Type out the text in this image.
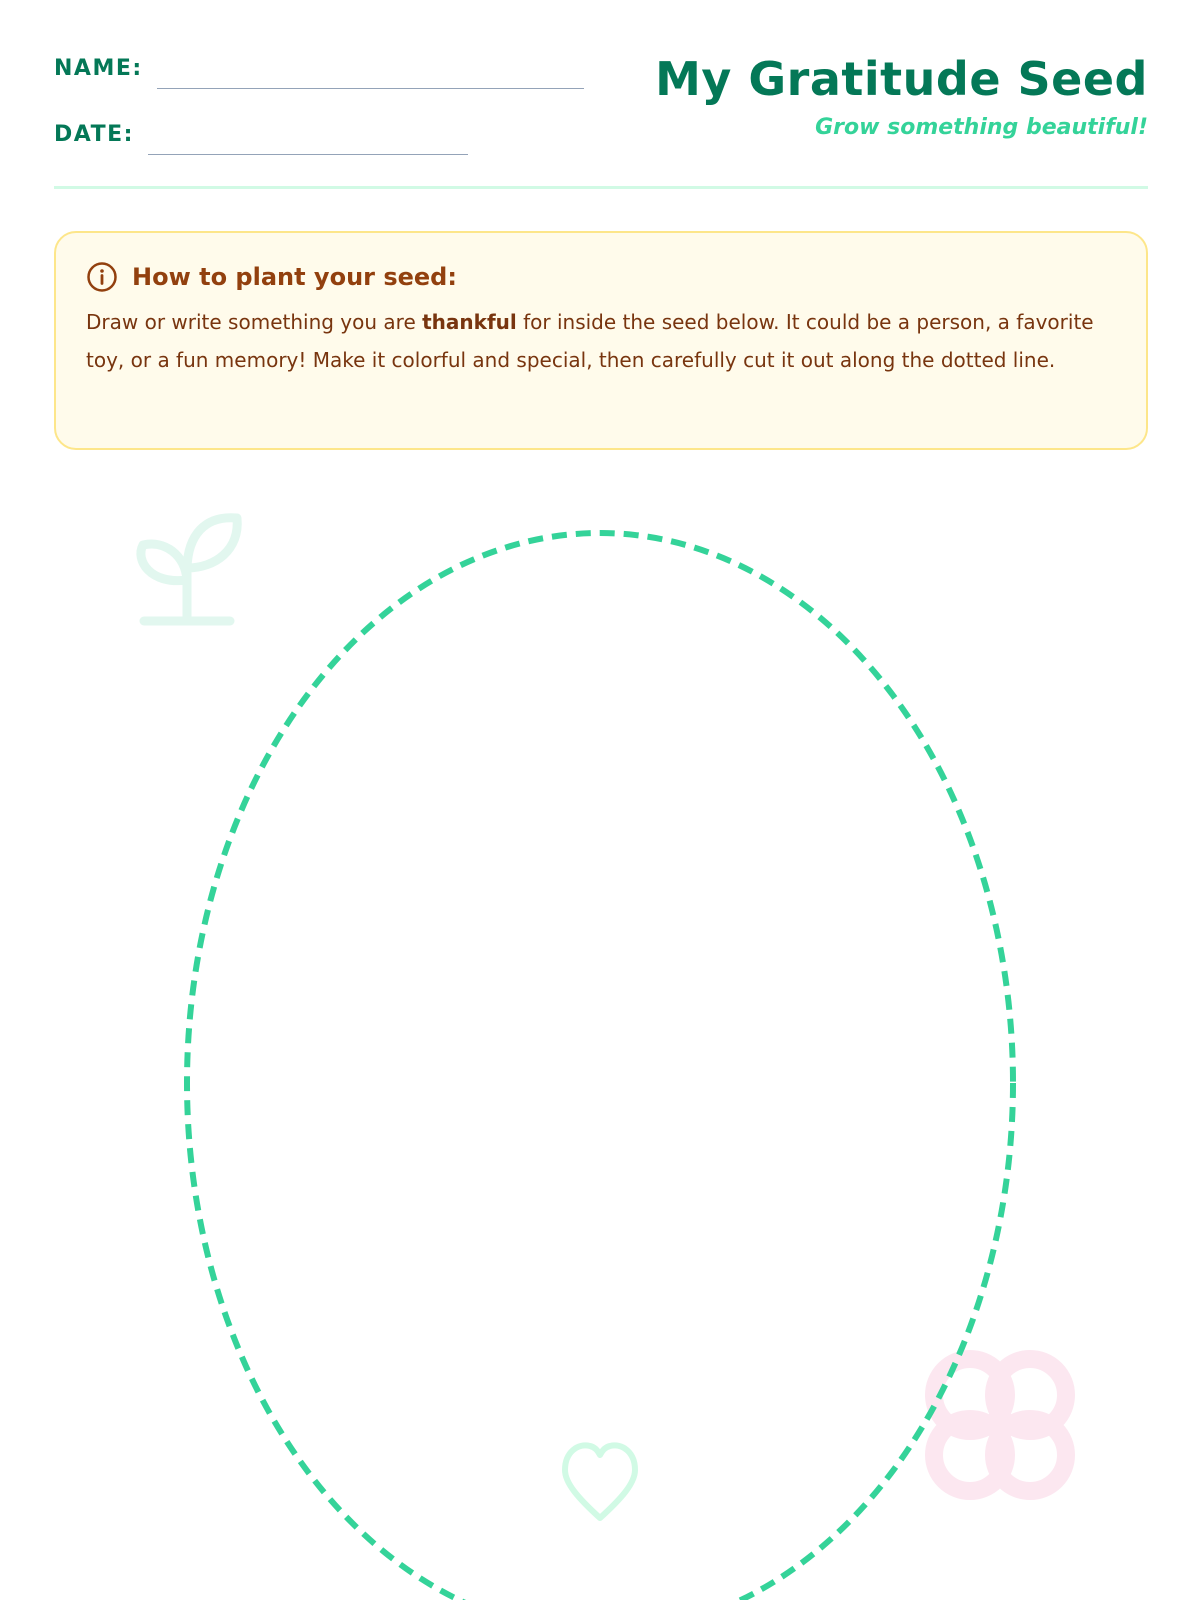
NAME:
DATE:
My Gratitude Seed
Grow something beautiful!
How to plant your seed:
Draw or write something you are thankful for inside the seed below. It could be a person, a favorite toy, or a fun memory! Make it colorful and special, then carefully cut it out along the dotted line.
